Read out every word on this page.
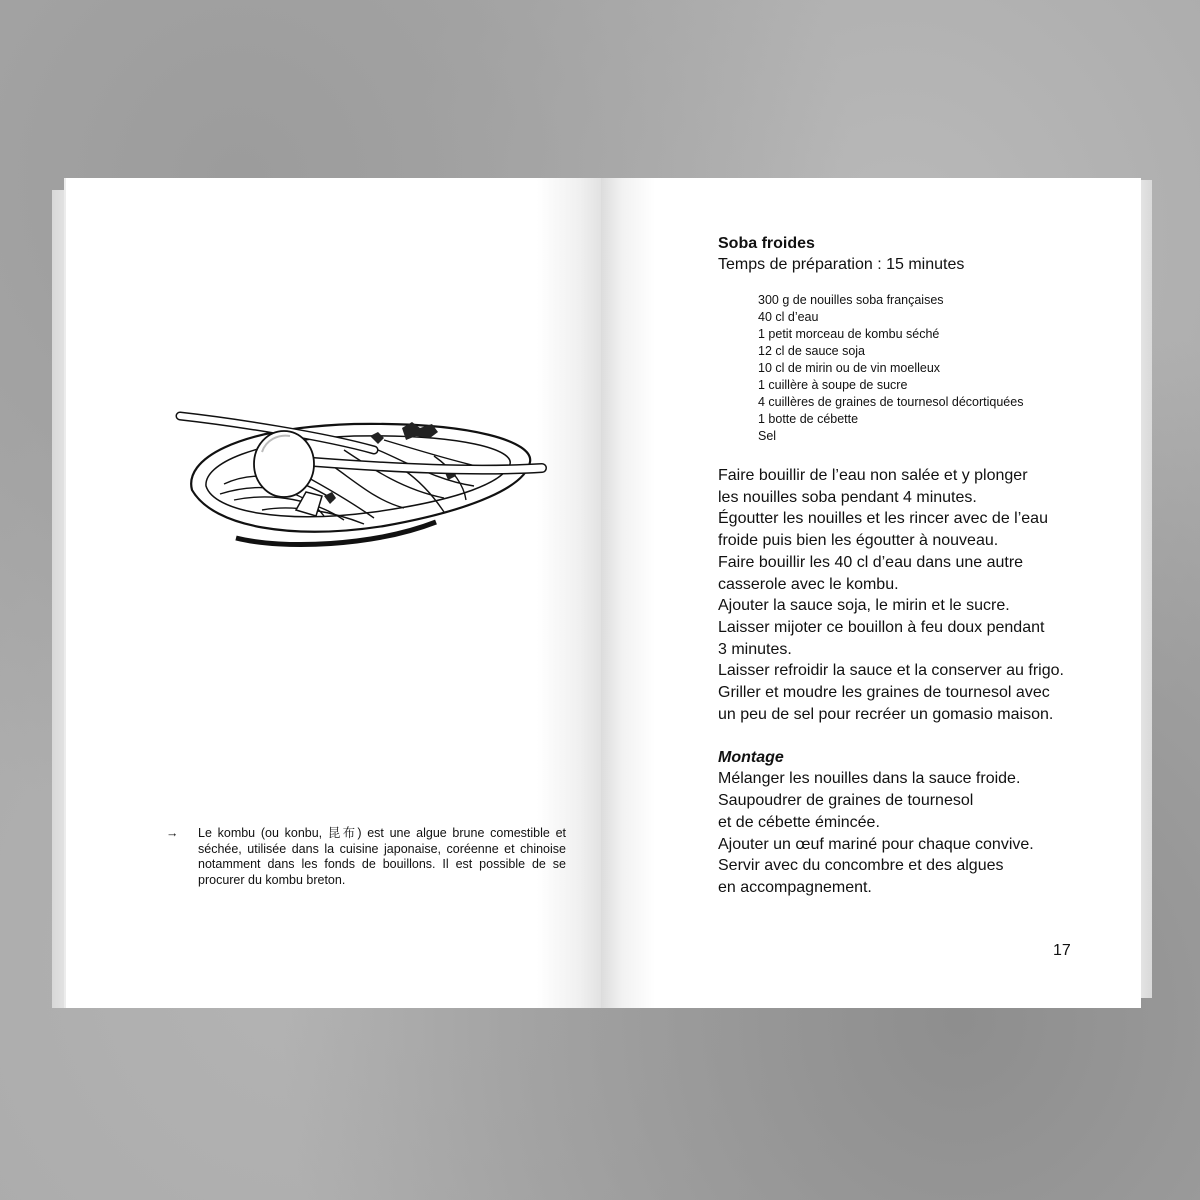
→	Le kombu (ou konbu, 昆布) est une algue brune comestible et séchée, utilisée dans la cuisine japonaise, coréenne et chinoise notamment dans les fonds de bouillons. Il est possible de se procurer du kombu breton.
Soba froides
Temps de préparation : 15 minutes
300 g de nouilles soba françaises
40 cl d’eau
1 petit morceau de kombu séché
12 cl de sauce soja
10 cl de mirin ou de vin moelleux
1 cuillère à soupe de sucre
4 cuillères de graines de tournesol décortiquées
1 botte de cébette
Sel
Faire bouillir de l’eau non salée et y plonger
les nouilles soba pendant 4 minutes.
Égoutter les nouilles et les rincer avec de l’eau
froide puis bien les égoutter à nouveau.
Faire bouillir les 40 cl d’eau dans une autre
casserole avec le kombu.
Ajouter la sauce soja, le mirin et le sucre.
Laisser mijoter ce bouillon à feu doux pendant
3 minutes.
Laisser refroidir la sauce et la conserver au frigo.
Griller et moudre les graines de tournesol avec
un peu de sel pour recréer un gomasio maison.
Montage
Mélanger les nouilles dans la sauce froide.
Saupoudrer de graines de tournesol
et de cébette émincée.
Ajouter un œuf mariné pour chaque convive.
Servir avec du concombre et des algues
en accompagnement.
17
